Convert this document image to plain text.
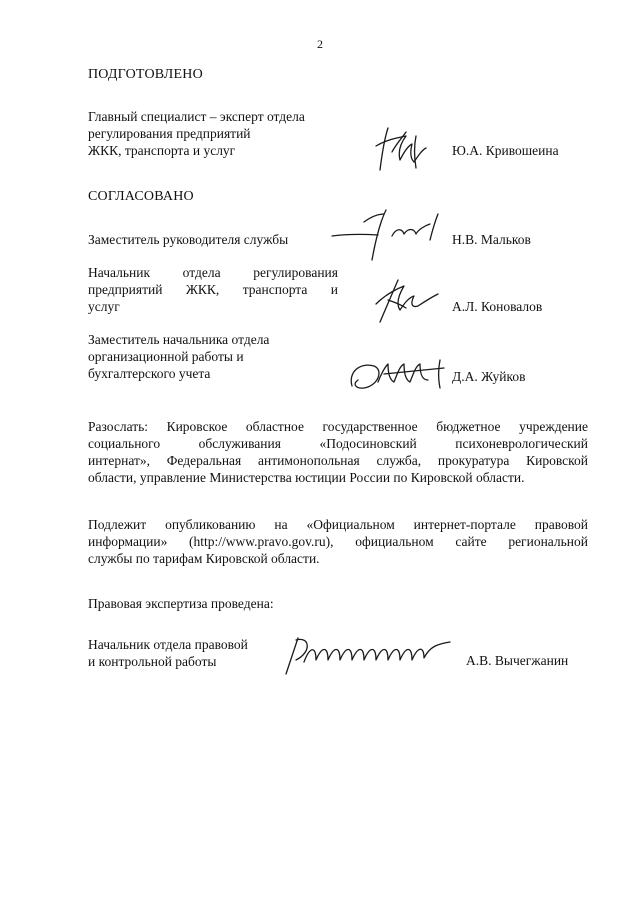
2
ПОДГОТОВЛЕНО
Главный специалист – эксперт отдела
регулирования предприятий
ЖКК, транспорта и услуг	Ю.А. Кривошеина
СОГЛАСОВАНО
Заместитель руководителя службы	Н.В. Мальков
Начальник отдела регулирования
предприятий ЖКК, транспорта и
услуг	А.Л. Коновалов
Заместитель начальника отдела
организационной работы и
бухгалтерского учета	Д.А. Жуйков
Разослать: Кировское областное государственное бюджетное учреждение
социального обслуживания «Подосиновский психоневрологический
интернат», Федеральная антимонопольная служба, прокуратура Кировской
области, управление Министерства юстиции России по Кировской области.
Подлежит опубликованию на «Официальном интернет-портале правовой
информации» (http://www.pravo.gov.ru), официальном сайте региональной
службы по тарифам Кировской области.
Правовая экспертиза проведена:
Начальник отдела правовой
и контрольной работы	А.В. Вычегжанин
